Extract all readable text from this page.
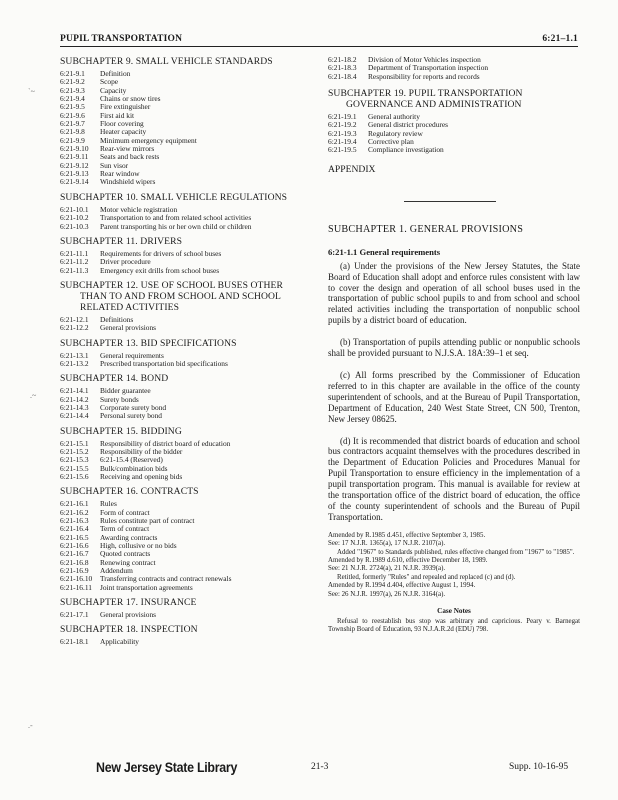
PUPIL TRANSPORTATION	6:21–1.1
SUBCHAPTER 9. SMALL VEHICLE STANDARDS
6:21-9.1	Definition
6:21-9.2	Scope
6:21-9.3	Capacity
6:21-9.4	Chains or snow tires
6:21-9.5	Fire extinguisher
6:21-9.6	First aid kit
6:21-9.7	Floor covering
6:21-9.8	Heater capacity
6:21-9.9	Minimum emergency equipment
6:21-9.10	Rear-view mirrors
6:21-9.11	Seats and back rests
6:21-9.12	Sun visor
6:21-9.13	Rear window
6:21-9.14	Windshield wipers
SUBCHAPTER 10. SMALL VEHICLE REGULATIONS
6:21-10.1	Motor vehicle registration
6:21-10.2	Transportation to and from related school activities
6:21-10.3	Parent transporting his or her own child or children
SUBCHAPTER 11. DRIVERS
6:21-11.1	Requirements for drivers of school buses
6:21-11.2	Driver procedure
6:21-11.3	Emergency exit drills from school buses
SUBCHAPTER 12. USE OF SCHOOL BUSES OTHER
THAN TO AND FROM SCHOOL AND SCHOOL
RELATED ACTIVITIES
6:21-12.1	Definitions
6:21-12.2	General provisions
SUBCHAPTER 13. BID SPECIFICATIONS
6:21-13.1	General requirements
6:21-13.2	Prescribed transportation bid specifications
SUBCHAPTER 14. BOND
6:21-14.1	Bidder guarantee
6:21-14.2	Surety bonds
6:21-14.3	Corporate surety bond
6:21-14.4	Personal surety bond
SUBCHAPTER 15. BIDDING
6:21-15.1	Responsibility of district board of education
6:21-15.2	Responsibility of the bidder
6:21-15.3	6:21-15.4 (Reserved)
6:21-15.5	Bulk/combination bids
6:21-15.6	Receiving and opening bids
SUBCHAPTER 16. CONTRACTS
6:21-16.1	Rules
6:21-16.2	Form of contract
6:21-16.3	Rules constitute part of contract
6:21-16.4	Term of contract
6:21-16.5	Awarding contracts
6:21-16.6	High, collusive or no bids
6:21-16.7	Quoted contracts
6:21-16.8	Renewing contract
6:21-16.9	Addendum
6:21-16.10	Transferring contracts and contract renewals
6:21-16.11	Joint transportation agreements
SUBCHAPTER 17. INSURANCE
6:21-17.1	General provisions
SUBCHAPTER 18. INSPECTION
6:21-18.1	Applicability
6:21-18.2	Division of Motor Vehicles inspection
6:21-18.3	Department of Transportation inspection
6:21-18.4	Responsibility for reports and records
SUBCHAPTER 19. PUPIL TRANSPORTATION
GOVERNANCE AND ADMINISTRATION
6:21-19.1	General authority
6:21-19.2	General district procedures
6:21-19.3	Regulatory review
6:21-19.4	Corrective plan
6:21-19.5	Compliance investigation
APPENDIX
SUBCHAPTER 1. GENERAL PROVISIONS
6:21-1.1 General requirements

(a) Under the provisions of the New Jersey Statutes, the State Board of Education shall adopt and enforce rules consistent with law to cover the design and operation of all school buses used in the transportation of public school pupils to and from school and school related activities including the transportation of nonpublic school pupils by a district board of education.

(b) Transportation of pupils attending public or nonpublic schools shall be provided pursuant to N.J.S.A. 18A:39–1 et seq.

(c) All forms prescribed by the Commissioner of Education referred to in this chapter are available in the office of the county superintendent of schools, and at the Bureau of Pupil Transportation, Department of Education, 240 West State Street, CN 500, Trenton, New Jersey 08625.

(d) It is recommended that district boards of education and school bus contractors acquaint themselves with the procedures described in the Department of Education Policies and Procedures Manual for Pupil Transportation to ensure efficiency in the implementation of a pupil transportation program. This manual is available for review at the transportation office of the district board of education, the office of the county superintendent of schools and the Bureau of Pupil Transportation.

Amended by R.1985 d.451, effective September 3, 1985.

See: 17 N.J.R. 1365(a), 17 N.J.R. 2107(a).

Added "1967" to Standards published, rules effective changed from "1967" to "1985".

Amended by R.1989 d.610, effective December 18, 1989.

See: 21 N.J.R. 2724(a), 21 N.J.R. 3939(a).

Retitled, formerly "Rules" and repealed and replaced (c) and (d).

Amended by R.1994 d.404, effective August 1, 1994.

See: 26 N.J.R. 1997(a), 26 N.J.R. 3164(a).

Case Notes

Refusal to reestablish bus stop was arbitrary and capricious. Peary v. Barnegat Township Board of Education, 93 N.J.A.R.2d (EDU) 798.

New Jersey State Library	21-3	Supp. 10-16-95
`~
.~
.-
